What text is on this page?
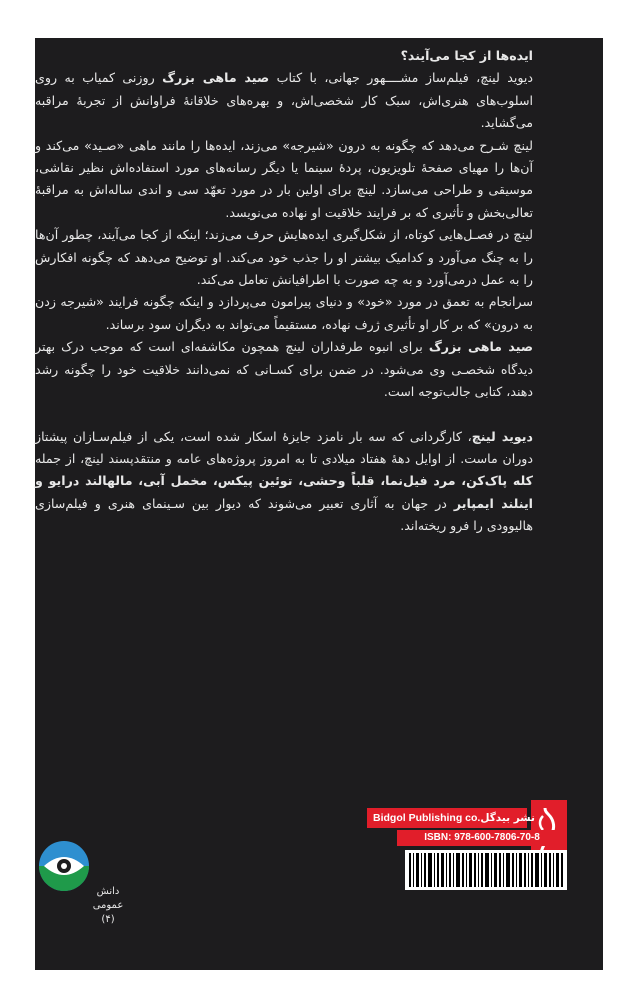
ایده‌ها از کجا می‌آیند؟

دیوید لینچ، فیلم‌ساز مشــــهور جهانی، با کتاب صید ماهی بزرگ روزنی کمیاب به روی اسلوب‌های هنری‌اش، سبک کار شخصی‌اش، و بهره‌های خلاقانهٔ فراوانش از تجربهٔ مراقبه می‌گشاید.

لینچ شـرح می‌دهد که چگونه به درون «شیرجه» می‌زند، ایده‌ها را مانند ماهی «صـید» می‌کند و آن‌ها را مهیای صفحهٔ تلویزیون، پردهٔ سینما یا دیگر رسانه‌های مورد استفاده‌اش نظیر نقاشی، موسیقی و طراحی می‌سازد. لینچ برای اولین بار در مورد تعهّد سی و اندی ساله‌اش به مراقبهٔ تعالی‌بخش و تأثیری که بر فرایند خلاقیت او نهاده می‌نویسد.

لینچ در فصـل‌هایی کوتاه، از شکل‌گیری ایده‌هایش حرف می‌زند؛ اینکه از کجا می‌آیند، چطور آن‌ها را به چنگ می‌آورد و کدامیک بیشتر او را جذب خود می‌کند. او توضیح می‌دهد که چگونه افکارش را به عمل درمی‌آورد و به چه صورت با اطرافیانش تعامل می‌کند.

سرانجام به تعمق در مورد «خود» و دنیای پیرامون می‌پردازد و اینکه چگونه فرایند «شیرجه زدن به درون» که بر کار او تأثیری ژرف نهاده، مستقیماً می‌تواند به دیگران سود برساند.

صید ماهی بزرگ برای انبوه طرفداران لینچ همچون مکاشفه‌ای است که موجب درک بهتر دیدگاه شخصـی وی می‌شود. در ضمن برای کسـانی که نمی‌دانند خلاقیت خود را چگونه رشد دهند، کتابی جالب‌توجه است.

دیوید لینچ، کارگردانی که سه بار نامزد جایزهٔ اسکار شده است، یکی از فیلم‌سـازان پیشتاز دوران ماست. از اوایل دههٔ هفتاد میلادی تا به امروز پروژه‌های عامه و منتقدپسند لینچ، از جمله کله پاک‌کن، مرد فیل‌نما، قلباً وحشی، توئین پیکس، مخمل آبی، مالهالند درایو و اینلند ایمپایر در جهان به آثاری تعبیر می‌شوند که دیوار بین سـینمای هنری و فیلم‌سازی هالیوودی را فرو ریخته‌اند.

دانش عمومی
(۴)
Bidgol Publishing co. نشر بیدگل
ISBN: 978-600-7806-70-8
